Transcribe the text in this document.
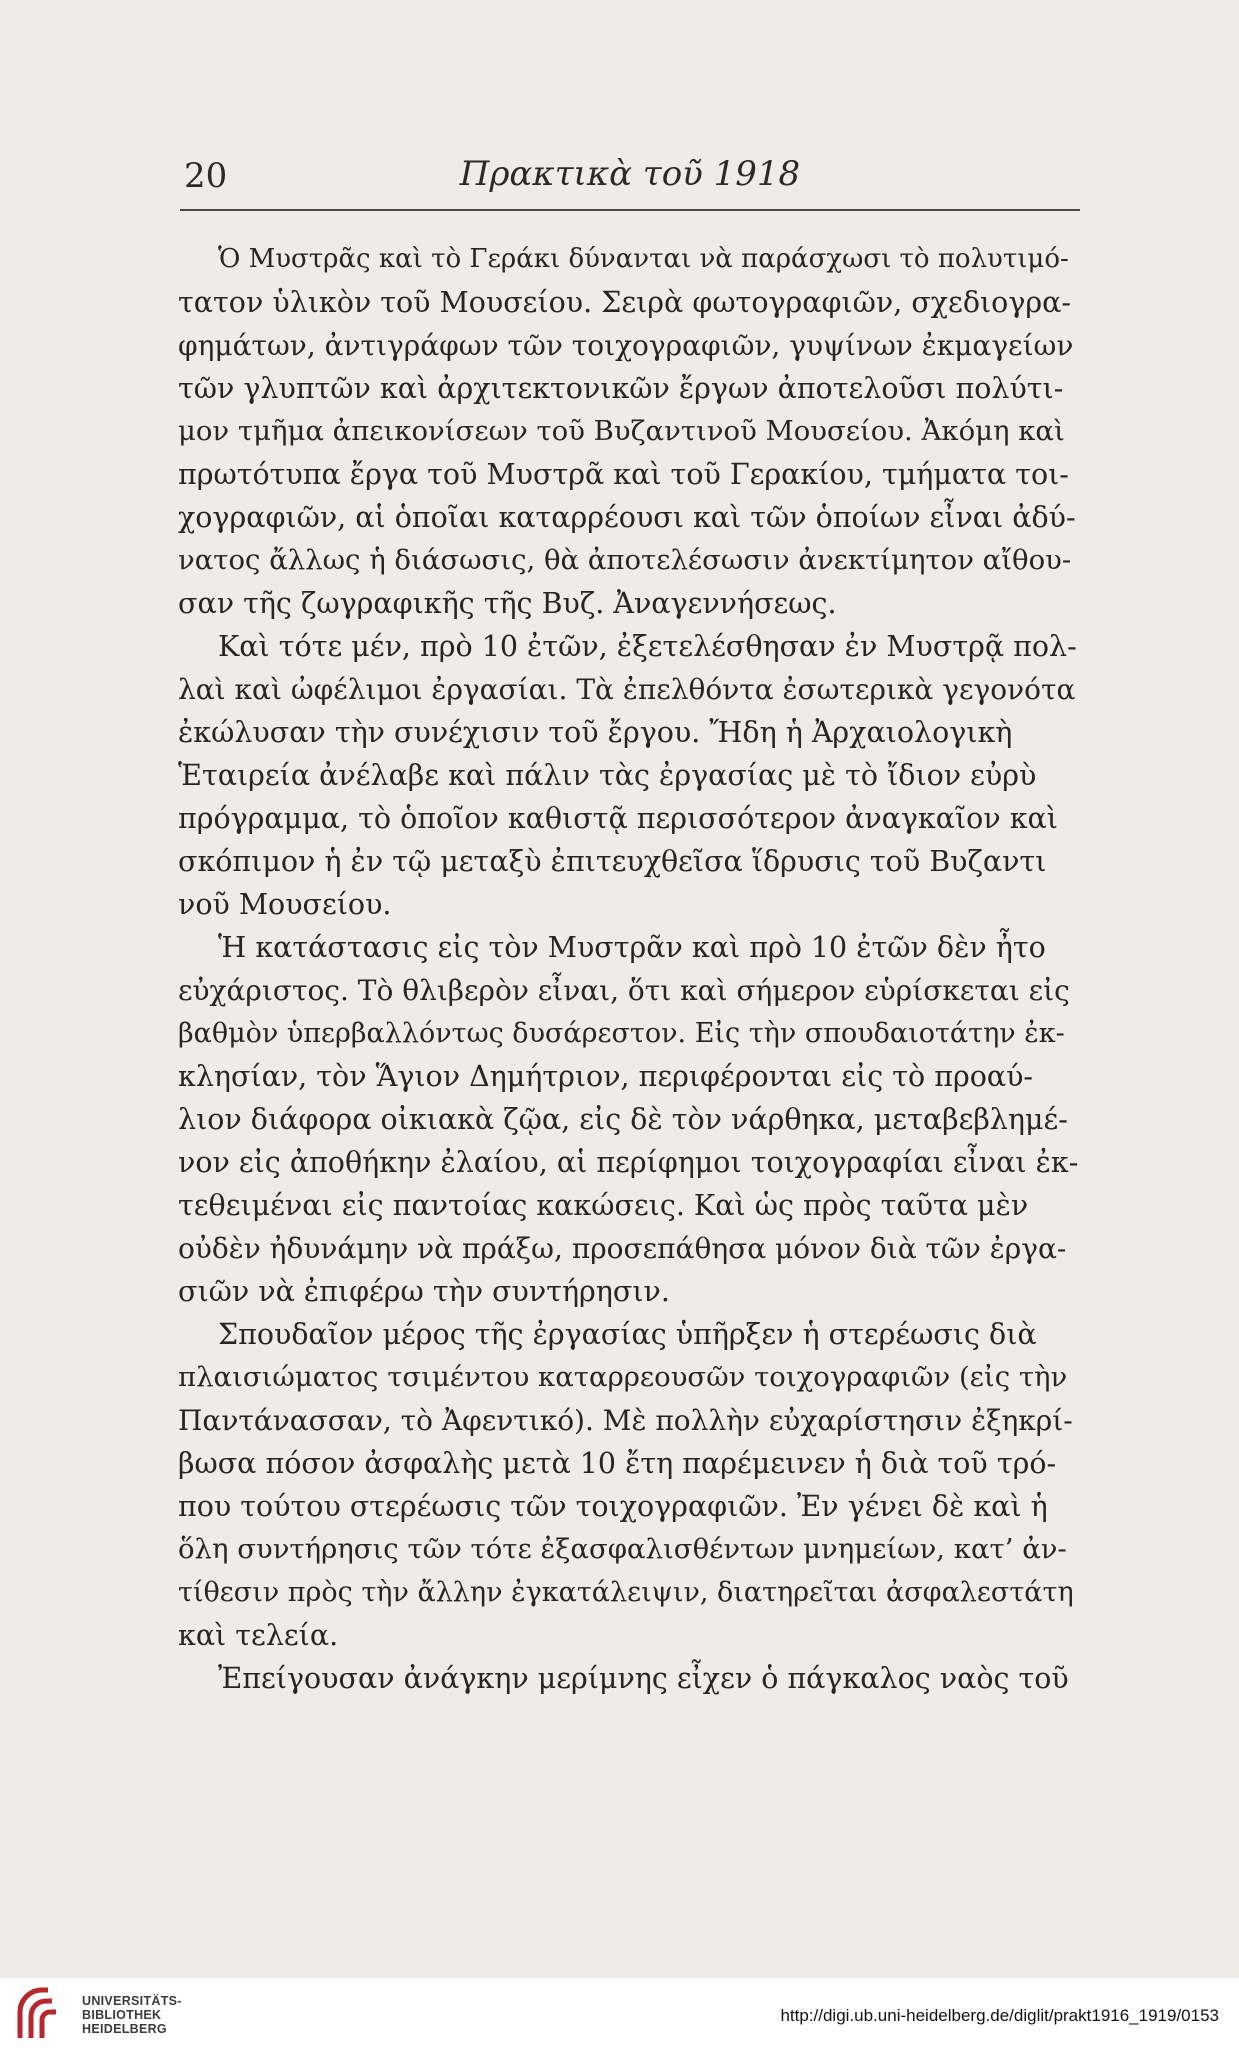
20	Πρακτικὰ τοῦ 1918
Ὁ Μυστρᾶς καὶ τὸ Γεράκι δύνανται νὰ παράσχωσι τὸ πολυτιμό-
τατον ὑλικὸν τοῦ Μουσείου. Σειρὰ φωτογραφιῶν, σχεδιογρα-
φημάτων, ἀντιγράφων τῶν τοιχογραφιῶν, γυψίνων ἐκμαγείων
τῶν γλυπτῶν καὶ ἀρχιτεκτονικῶν ἔργων ἀποτελοῦσι πολύτι-
μον τμῆμα ἀπεικονίσεων τοῦ Βυζαντινοῦ Μουσείου. Ἀκόμη καὶ
πρωτότυπα ἔργα τοῦ Μυστρᾶ καὶ τοῦ Γερακίου, τμήματα τοι-
χογραφιῶν, αἱ ὁποῖαι καταρρέουσι καὶ τῶν ὁποίων εἶναι ἀδύ-
νατος ἄλλως ἡ διάσωσις, θὰ ἀποτελέσωσιν ἀνεκτίμητον αἴθου-
σαν τῆς ζωγραφικῆς τῆς Βυζ. Ἀναγεννήσεως.
Καὶ τότε μέν, πρὸ 10 ἐτῶν, ἐξετελέσθησαν ἐν Μυστρᾷ πολ-
λαὶ καὶ ὠφέλιμοι ἐργασίαι. Τὰ ἐπελθόντα ἐσωτερικὰ γεγονότα
ἐκώλυσαν τὴν συνέχισιν τοῦ ἔργου. Ἤδη ἡ Ἀρχαιολογικὴ
Ἑταιρεία ἀνέλαβε καὶ πάλιν τὰς ἐργασίας μὲ τὸ ἴδιον εὐρὺ
πρόγραμμα, τὸ ὁποῖον καθιστᾷ περισσότερον ἀναγκαῖον καὶ
σκόπιμον ἡ ἐν τῷ μεταξὺ ἐπιτευχθεῖσα ἵδρυσις τοῦ Βυζαντι
νοῦ Μουσείου.
Ἡ κατάστασις εἰς τὸν Μυστρᾶν καὶ πρὸ 10 ἐτῶν δὲν ἦτο
εὐχάριστος. Τὸ θλιβερὸν εἶναι, ὅτι καὶ σήμερον εὑρίσκεται εἰς
βαθμὸν ὑπερβαλλόντως δυσάρεστον. Εἰς τὴν σπουδαιοτάτην ἐκ-
κλησίαν, τὸν Ἅγιον Δημήτριον, περιφέρονται εἰς τὸ προαύ-
λιον διάφορα οἰκιακὰ ζῷα, εἰς δὲ τὸν νάρθηκα, μεταβεβλημέ-
νον εἰς ἀποθήκην ἐλαίου, αἱ περίφημοι τοιχογραφίαι εἶναι ἐκ-
τεθειμέναι εἰς παντοίας κακώσεις. Καὶ ὡς πρὸς ταῦτα μὲν
οὐδὲν ἠδυνάμην νὰ πράξω, προσεπάθησα μόνον διὰ τῶν ἐργα-
σιῶν νὰ ἐπιφέρω τὴν συντήρησιν.
Σπουδαῖον μέρος τῆς ἐργασίας ὑπῆρξεν ἡ στερέωσις διὰ
πλαισιώματος τσιμέντου καταρρεουσῶν τοιχογραφιῶν (εἰς τὴν
Παντάνασσαν, τὸ Ἀφεντικό). Μὲ πολλὴν εὐχαρίστησιν ἐξηκρί-
βωσα πόσον ἀσφαλὴς μετὰ 10 ἔτη παρέμεινεν ἡ διὰ τοῦ τρό-
που τούτου στερέωσις τῶν τοιχογραφιῶν. Ἐν γένει δὲ καὶ ἡ
ὅλη συντήρησις τῶν τότε ἐξασφαλισθέντων μνημείων, κατ’ ἀν-
τίθεσιν πρὸς τὴν ἄλλην ἐγκατάλειψιν, διατηρεῖται ἀσφαλεστάτη
καὶ τελεία.
Ἐπείγουσαν ἀνάγκην μερίμνης εἶχεν ὁ πάγκαλος ναὸς τοῦ
UNIVERSITÄTS-
BIBLIOTHEK
HEIDELBERG
http://digi.ub.uni-heidelberg.de/diglit/prakt1916_1919/0153
